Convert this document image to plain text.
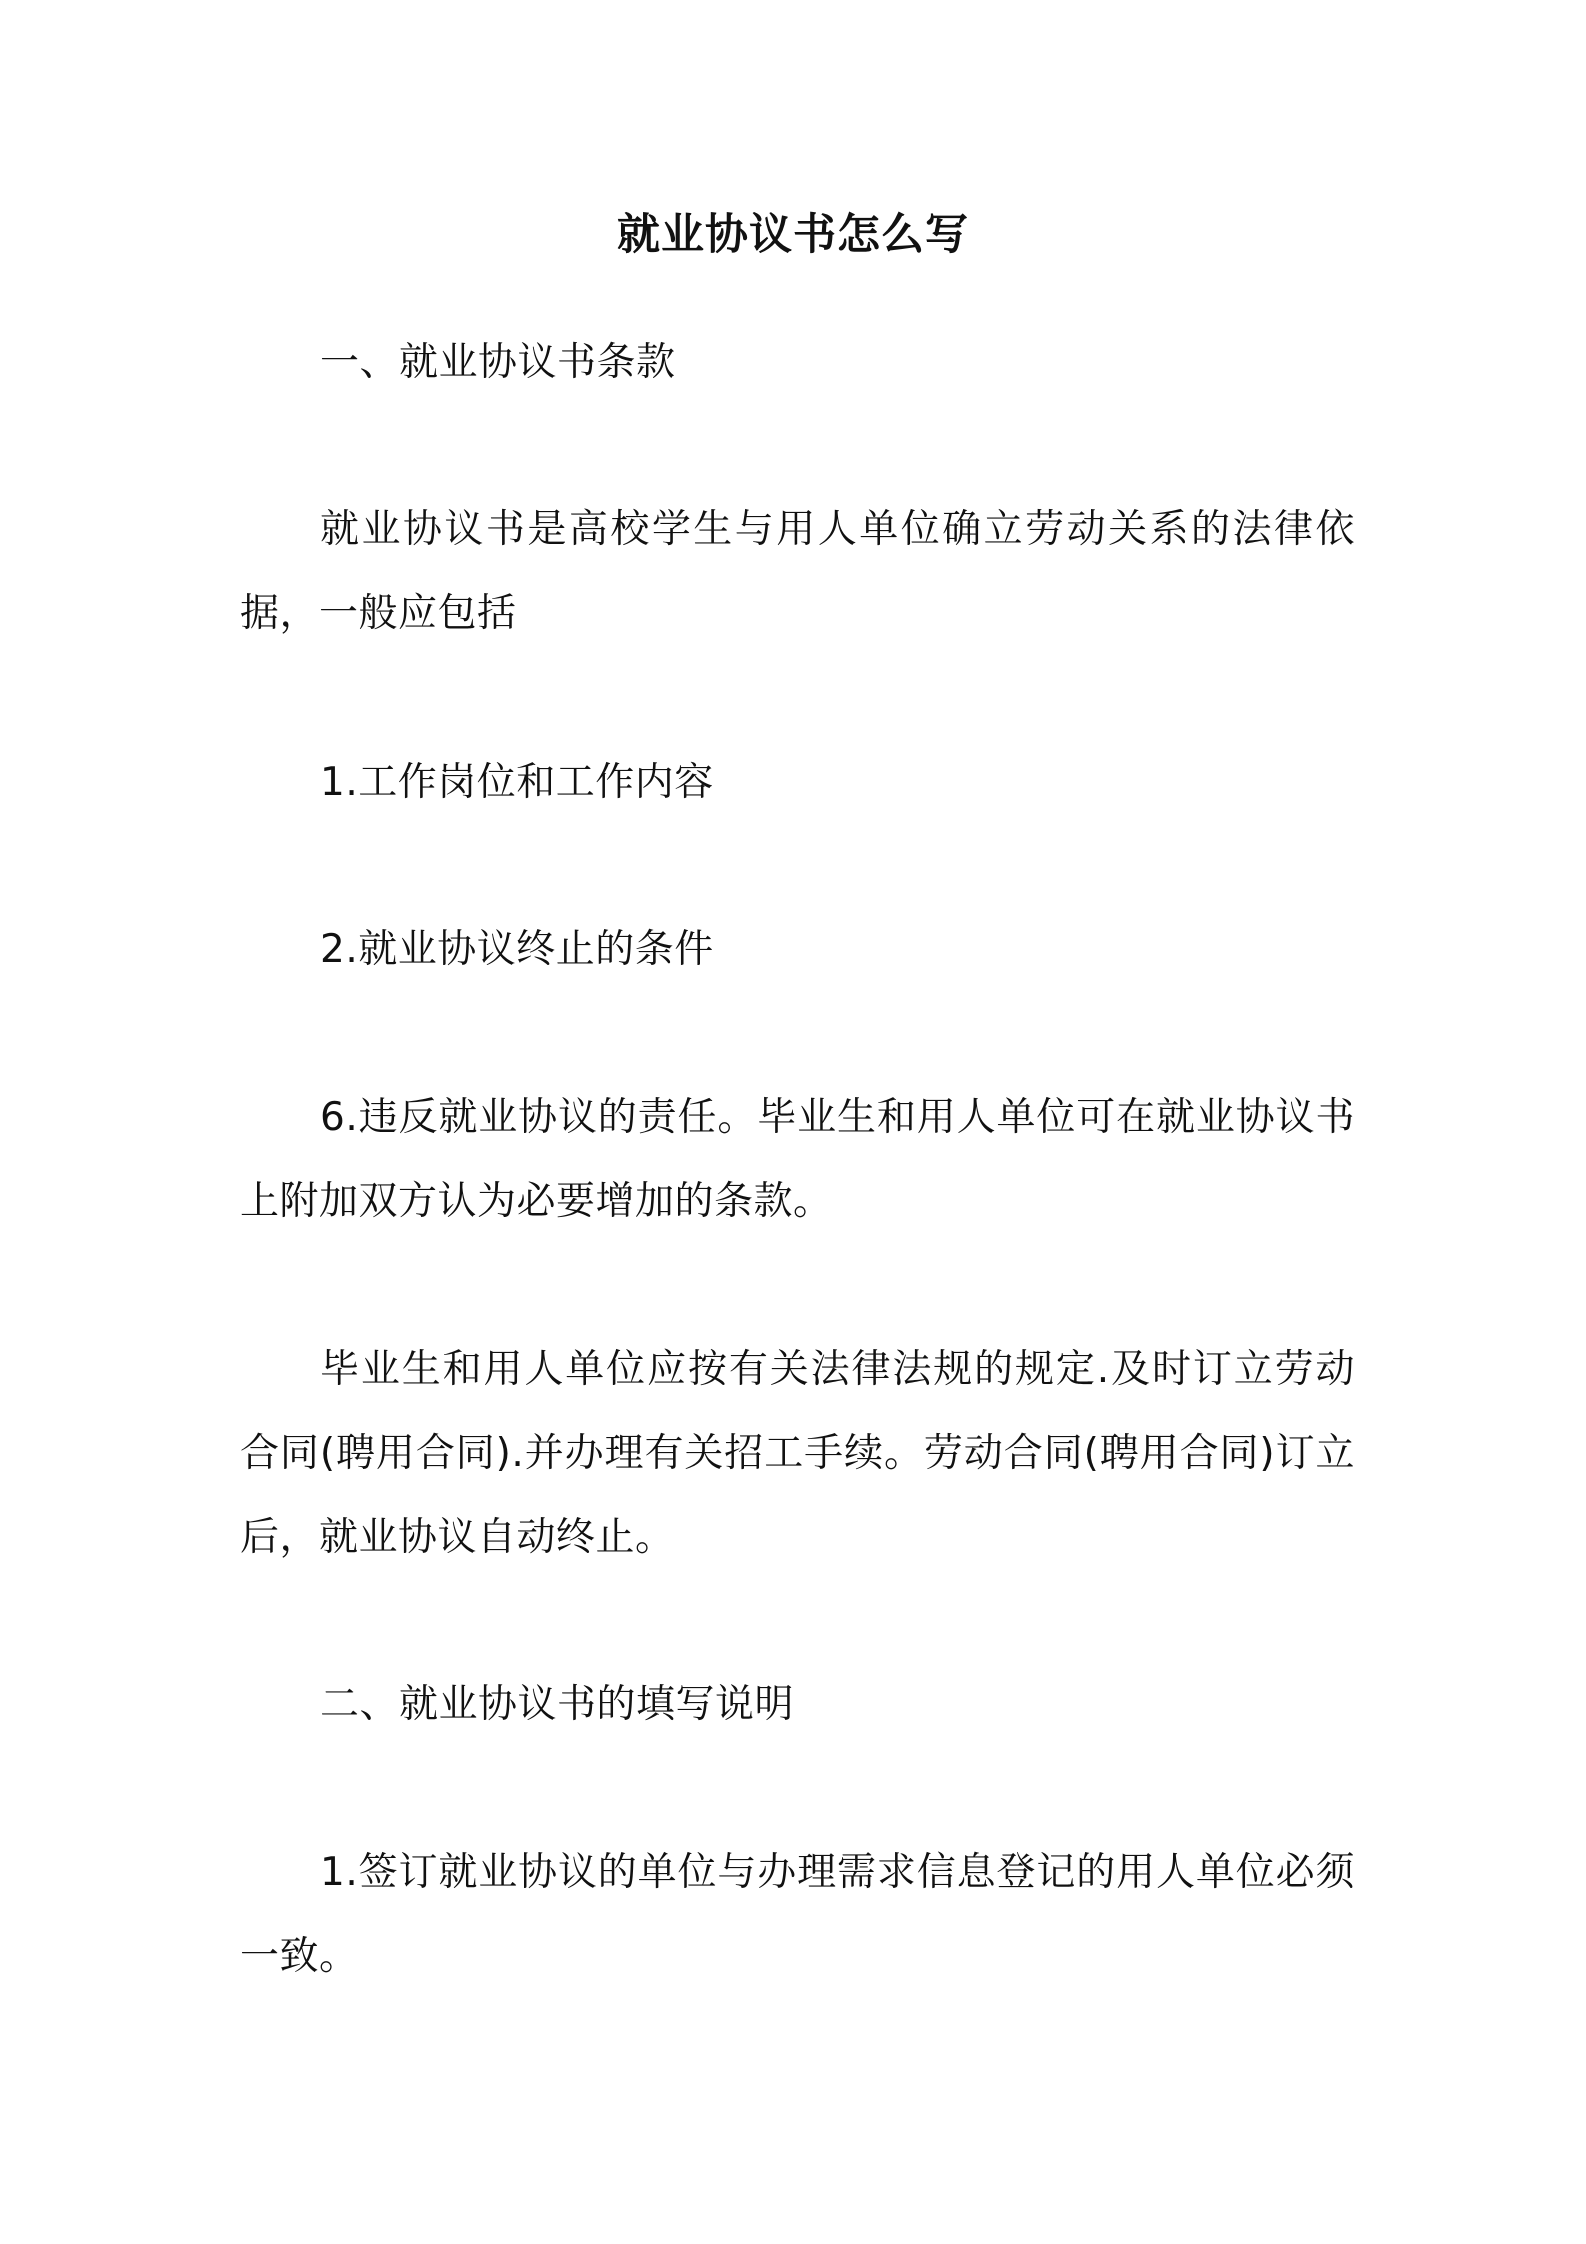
就业协议书怎么写

一、就业协议书条款

就业协议书是高校学生与用人单位确立劳动关系的法律依据，一般应包括

1.工作岗位和工作内容

2.就业协议终止的条件

6.违反就业协议的责任。毕业生和用人单位可在就业协议书上附加双方认为必要增加的条款。

毕业生和用人单位应按有关法律法规的规定.及时订立劳动合同(聘用合同).并办理有关招工手续。劳动合同(聘用合同)订立后，就业协议自动终止。

二、就业协议书的填写说明

1.签订就业协议的单位与办理需求信息登记的用人单位必须一致。
